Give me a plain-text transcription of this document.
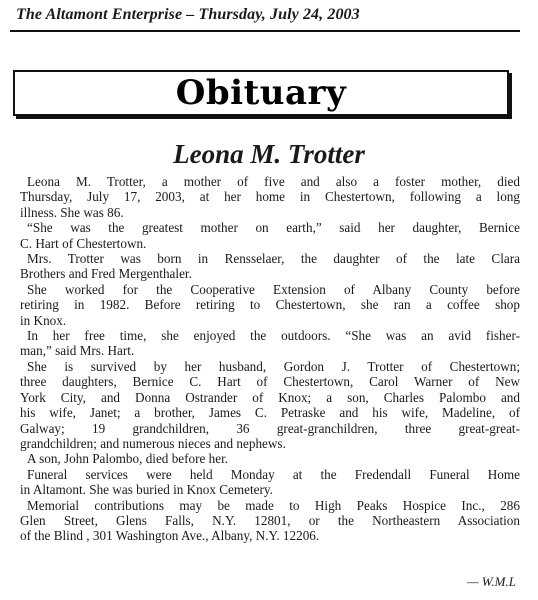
The Altamont Enterprise – Thursday, July 24, 2003
Obituary
Leona M. Trotter
Leona M. Trotter, a mother of five and also a foster mother, died
Thursday, July 17, 2003, at her home in Chestertown, following a long
illness. She was 86.
“She was the greatest mother on earth,” said her daughter, Bernice
C. Hart of Chestertown.
Mrs. Trotter was born in Rensselaer, the daughter of the late Clara
Brothers and Fred Mergenthaler.
She worked for the Cooperative Extension of Albany County before
retiring in 1982. Before retiring to Chestertown, she ran a coffee shop
in Knox.
In her free time, she enjoyed the outdoors. “She was an avid fisher-
man,” said Mrs. Hart.
She is survived by her husband, Gordon J. Trotter of Chestertown;
three daughters, Bernice C. Hart of Chestertown, Carol Warner of New
York City, and Donna Ostrander of Knox; a son, Charles Palombo and
his wife, Janet; a brother, James C. Petraske and his wife, Madeline, of
Galway; 19 grandchildren, 36 great-granchildren, three great-great-
grandchildren; and numerous nieces and nephews.
A son, John Palombo, died before her.
Funeral services were held Monday at the Fredendall Funeral Home
in Altamont. She was buried in Knox Cemetery.
Memorial contributions may be made to High Peaks Hospice Inc., 286
Glen Street, Glens Falls, N.Y. 12801, or the Northeastern Association
of the Blind , 301 Washington Ave., Albany, N.Y. 12206.
— W.M.L
